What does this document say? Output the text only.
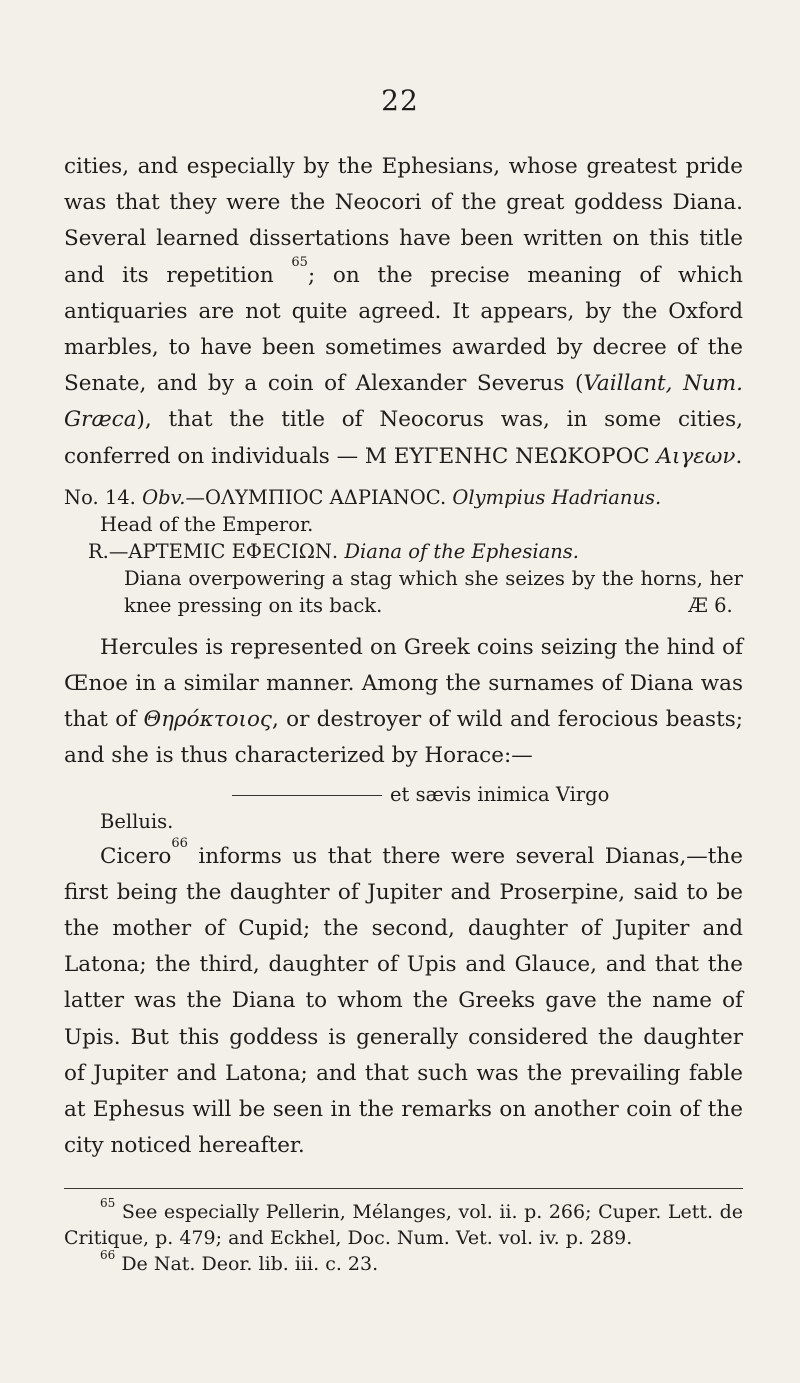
22

cities, and especially by the Ephesians, whose greatest pride was that they were the Neocori of the great goddess Diana. Several learned dissertations have been written on this title and its repetition $^{65}$; on the precise meaning of which antiquaries are not quite agreed. It appears, by the Oxford marbles, to have been sometimes awarded by decree of the Senate, and by a coin of Alexander Severus (Vaillant, Num. Græca), that the title of Neocorus was, in some cities, conferred on individuals — M ΕΥΓΕΝΗC ΝΕΩΚΟΡΟC Αιγεων.

No. 14. Obv.—ΟΛΥΜΠΙΟC ΑΔΡΙΑΝΟC. Olympius Hadrianus.
Head of the Emperor.
R.—ΑΡΤΕΜΙC ΕΦΕCΙΩΝ. Diana of the Ephesians.
Diana overpowering a stag which she seizes by the horns, her knee pressing on its back.	Æ 6.

Hercules is represented on Greek coins seizing the hind of Œnoe in a similar manner. Among the surnames of Diana was that of Θηρόκτοιος, or destroyer of wild and ferocious beasts; and she is thus characterized by Horace:—

et sævis inimica Virgo
Belluis.

Cicero$^{66}$ informs us that there were several Dianas,—the first being the daughter of Jupiter and Proserpine, said to be the mother of Cupid; the second, daughter of Jupiter and Latona; the third, daughter of Upis and Glauce, and that the latter was the Diana to whom the Greeks gave the name of Upis. But this goddess is generally considered the daughter of Jupiter and Latona; and that such was the prevailing fable at Ephesus will be seen in the remarks on another coin of the city noticed hereafter.

$^{65}$ See especially Pellerin, Mélanges, vol. ii. p. 266; Cuper. Lett. de Critique, p. 479; and Eckhel, Doc. Num. Vet. vol. iv. p. 289.

$^{66}$ De Nat. Deor. lib. iii. c. 23.
